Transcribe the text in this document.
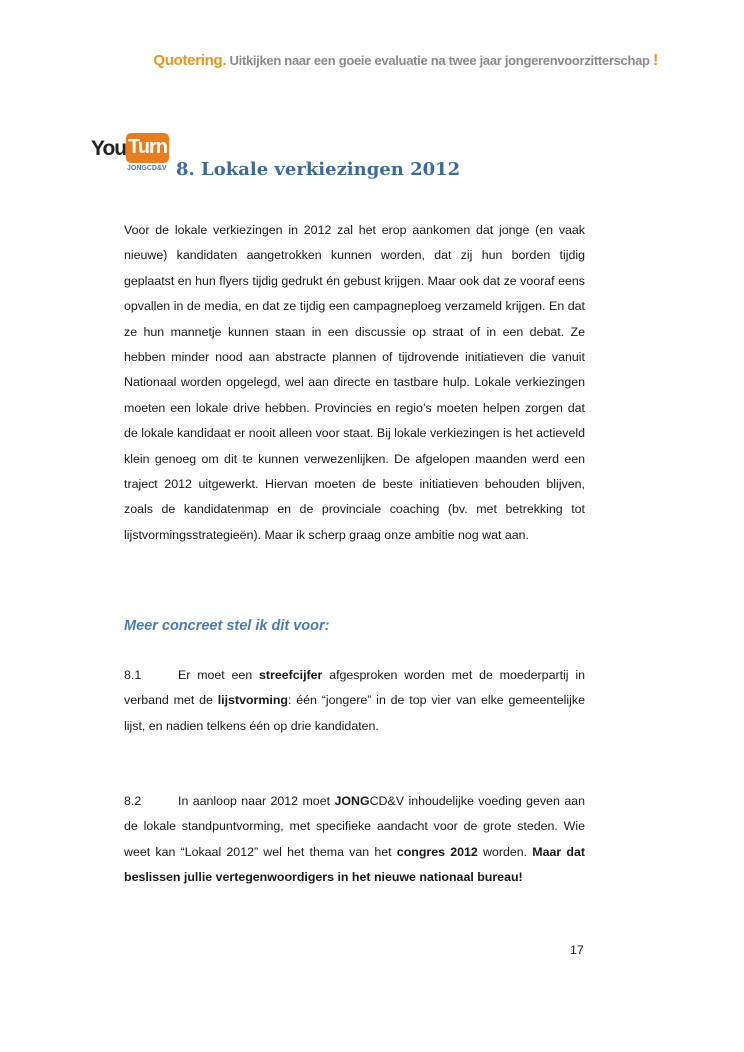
Quotering. Uitkijken naar een goeie evaluatie na twee jaar jongerenvoorzitterschap !
You Turn
JONGCD&V 8. Lokale verkiezingen 2012

Voor de lokale verkiezingen in 2012 zal het erop aankomen dat jonge (en vaak nieuwe) kandidaten aangetrokken kunnen worden, dat zij hun borden tijdig geplaatst en hun flyers tijdig gedrukt én gebust krijgen. Maar ook dat ze vooraf eens opvallen in de media, en dat ze tijdig een campagneploeg verzameld krijgen. En dat ze hun mannetje kunnen staan in een discussie op straat of in een debat. Ze hebben minder nood aan abstracte plannen of tijdrovende initiatieven die vanuit Nationaal worden opgelegd, wel aan directe en tastbare hulp. Lokale verkiezingen moeten een lokale drive hebben. Provincies en regio’s moeten helpen zorgen dat de lokale kandidaat er nooit alleen voor staat. Bij lokale verkiezingen is het actieveld klein genoeg om dit te kunnen verwezenlijken. De afgelopen maanden werd een traject 2012 uitgewerkt. Hiervan moeten de beste initiatieven behouden blijven, zoals de kandidatenmap en de provinciale coaching (bv. met betrekking tot lijstvormingsstrategieën). Maar ik scherp graag onze ambitie nog wat aan.

Meer concreet stel ik dit voor:

8.1	Er moet een streefcijfer afgesproken worden met de moederpartij in verband met de lijstvorming: één “jongere” in de top vier van elke gemeentelijke lijst, en nadien telkens één op drie kandidaten.

8.2	In aanloop naar 2012 moet JONGCD&V inhoudelijke voeding geven aan de lokale standpuntvorming, met specifieke aandacht voor de grote steden. Wie weet kan “Lokaal 2012” wel het thema van het congres 2012 worden. Maar dat beslissen jullie vertegenwoordigers in het nieuwe nationaal bureau!

17
